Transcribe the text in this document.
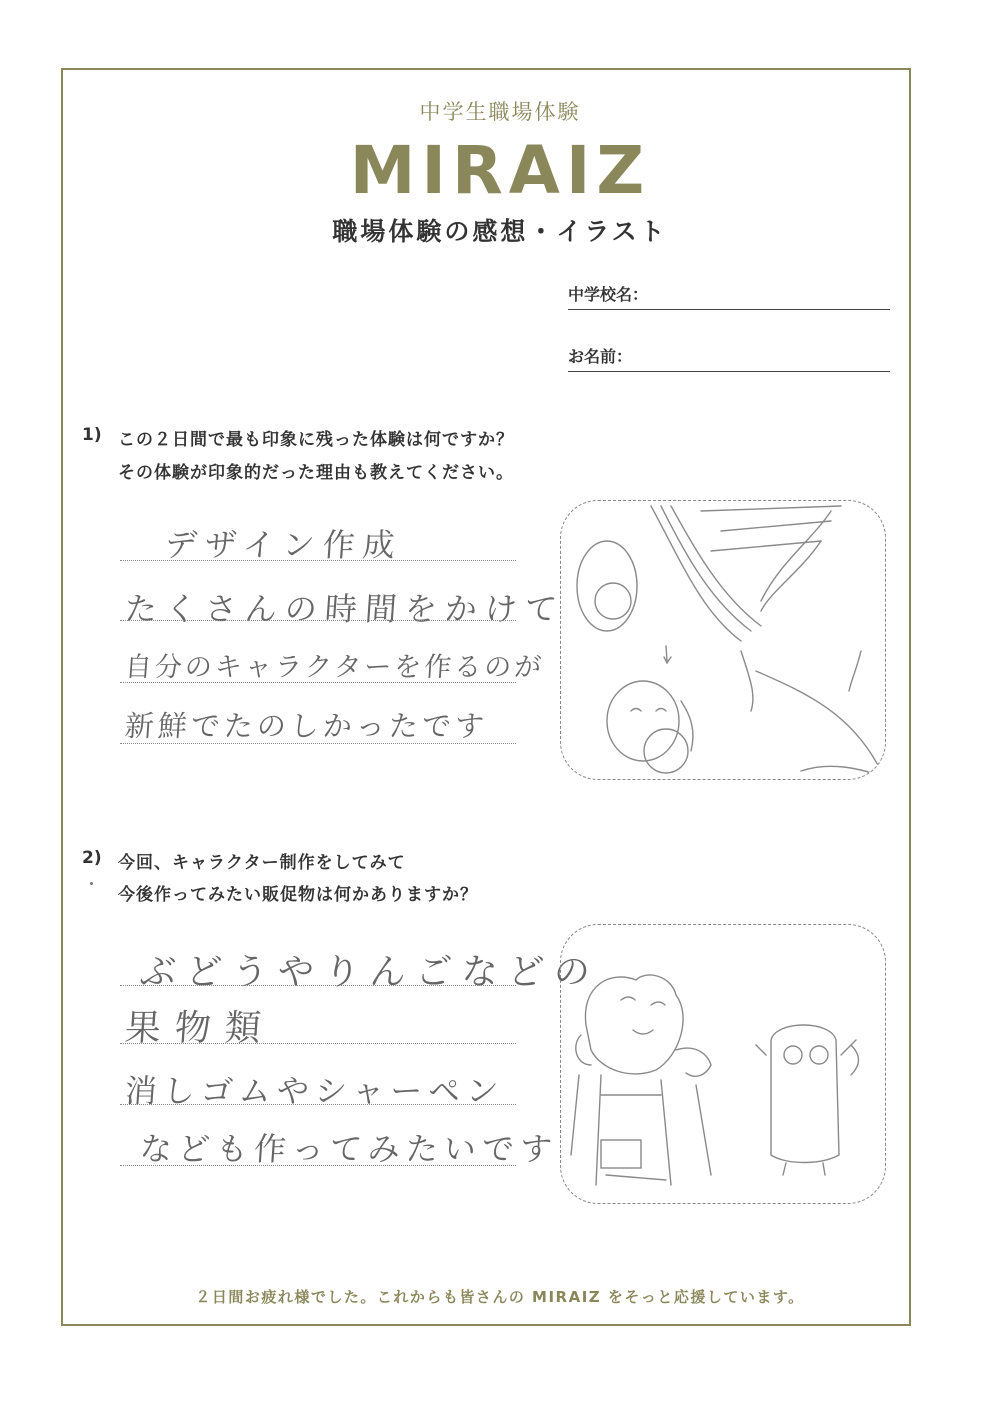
中学生職場体験
MIRAIZ
職場体験の感想・イラスト
中学校名：
お名前：
1) この２日間で最も印象に残った体験は何ですか？
その体験が印象的だった理由も教えてください。
デザイン作成
たくさんの時間をかけて
自分のキャラクターを作るのが
新鮮でたのしかったです
2) 今回、キャラクター制作をしてみて
今後作ってみたい販促物は何かありますか？
ぶどうやりんごなどの
果物類
消しゴムやシャーペン
なども作ってみたいです
２日間お疲れ様でした。これからも皆さんの MIRAIZ をそっと応援しています。
